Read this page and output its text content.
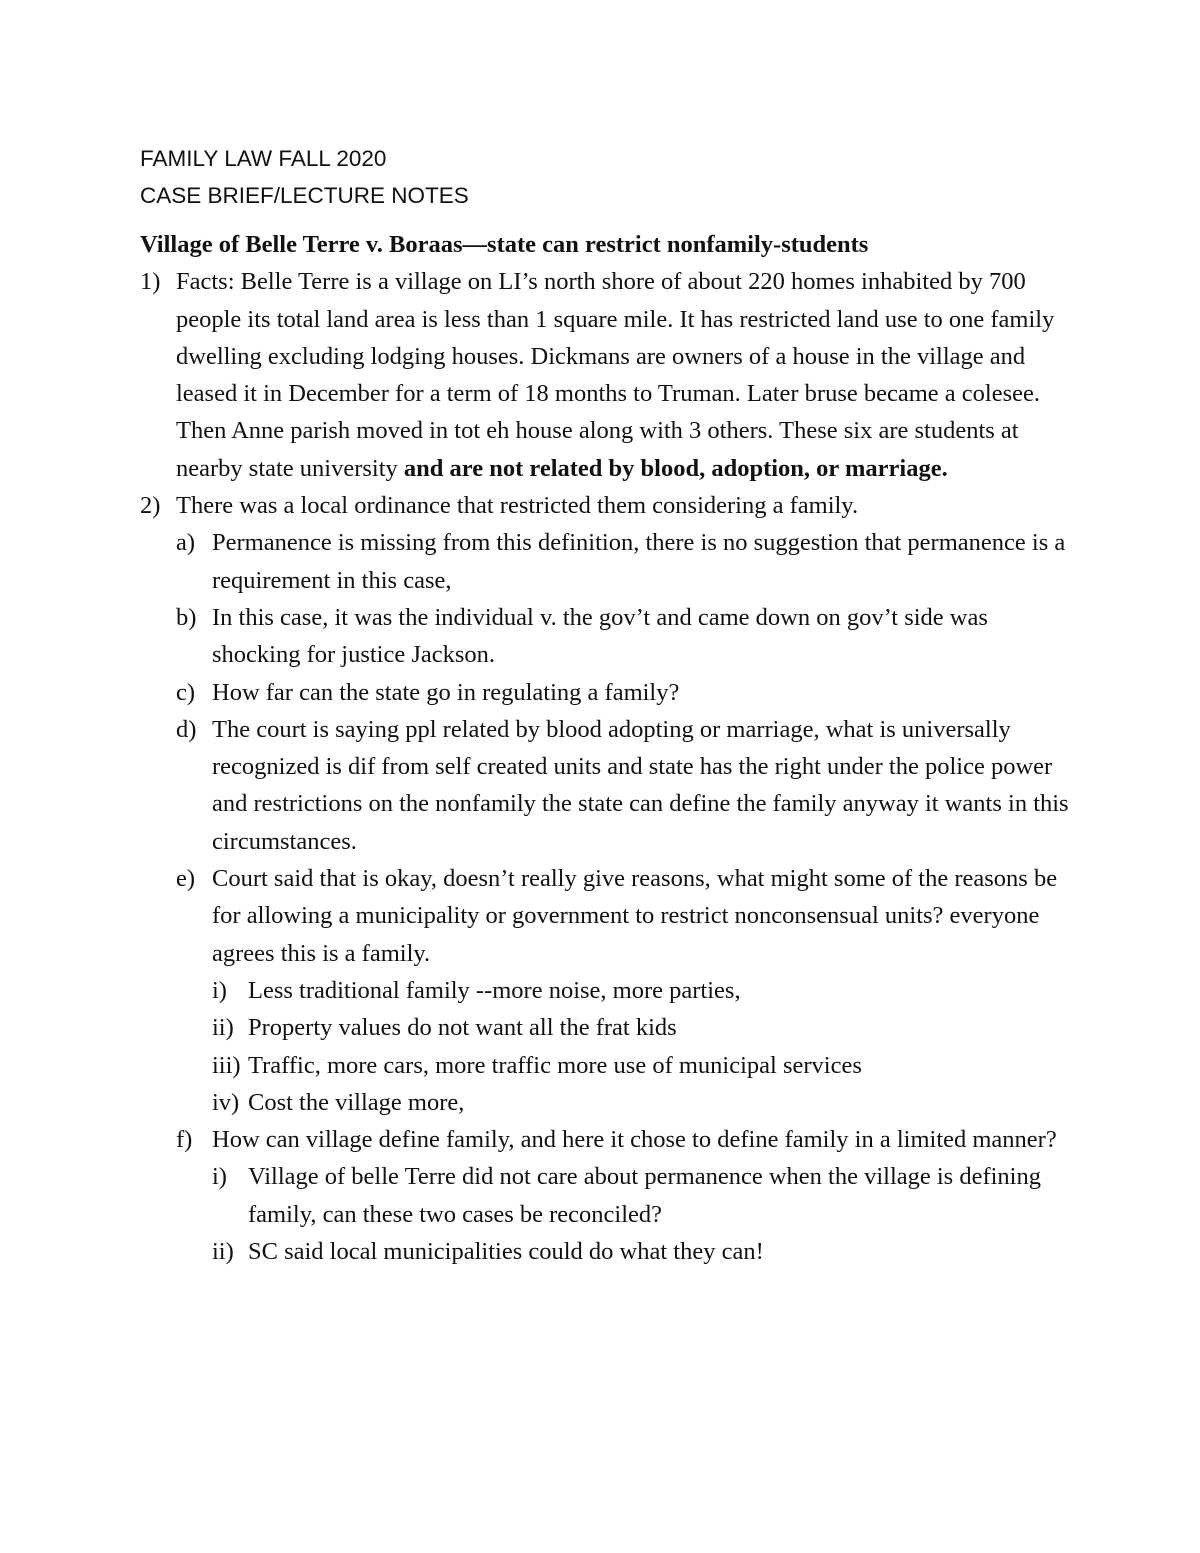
FAMILY LAW FALL 2020
CASE BRIEF/LECTURE NOTES
Village of Belle Terre v. Boraas—state can restrict nonfamily-students
1) Facts: Belle Terre is a village on LI’s north shore of about 220 homes inhabited by 700 people its total land area is less than 1 square mile. It has restricted land use to one family dwelling excluding lodging houses. Dickmans are owners of a house in the village and leased it in December for a term of 18 months to Truman. Later bruse became a colesee. Then Anne parish moved in tot eh house along with 3 others. These six are students at nearby state university and are not related by blood, adoption, or marriage.
2) There was a local ordinance that restricted them considering a family.
a) Permanence is missing from this definition, there is no suggestion that permanence is a requirement in this case,
b) In this case, it was the individual v. the gov’t and came down on gov’t side was shocking for justice Jackson.
c) How far can the state go in regulating a family?
d) The court is saying ppl related by blood adopting or marriage, what is universally recognized is dif from self created units and state has the right under the police power and restrictions on the nonfamily the state can define the family anyway it wants in this circumstances.
e) Court said that is okay, doesn’t really give reasons, what might some of the reasons be for allowing a municipality or government to restrict nonconsensual units? everyone agrees this is a family.
i) Less traditional family --more noise, more parties,
ii) Property values do not want all the frat kids
iii) Traffic, more cars, more traffic more use of municipal services
iv) Cost the village more,
f) How can village define family, and here it chose to define family in a limited manner?
i) Village of belle Terre did not care about permanence when the village is defining family, can these two cases be reconciled?
ii) SC said local municipalities could do what they can!
